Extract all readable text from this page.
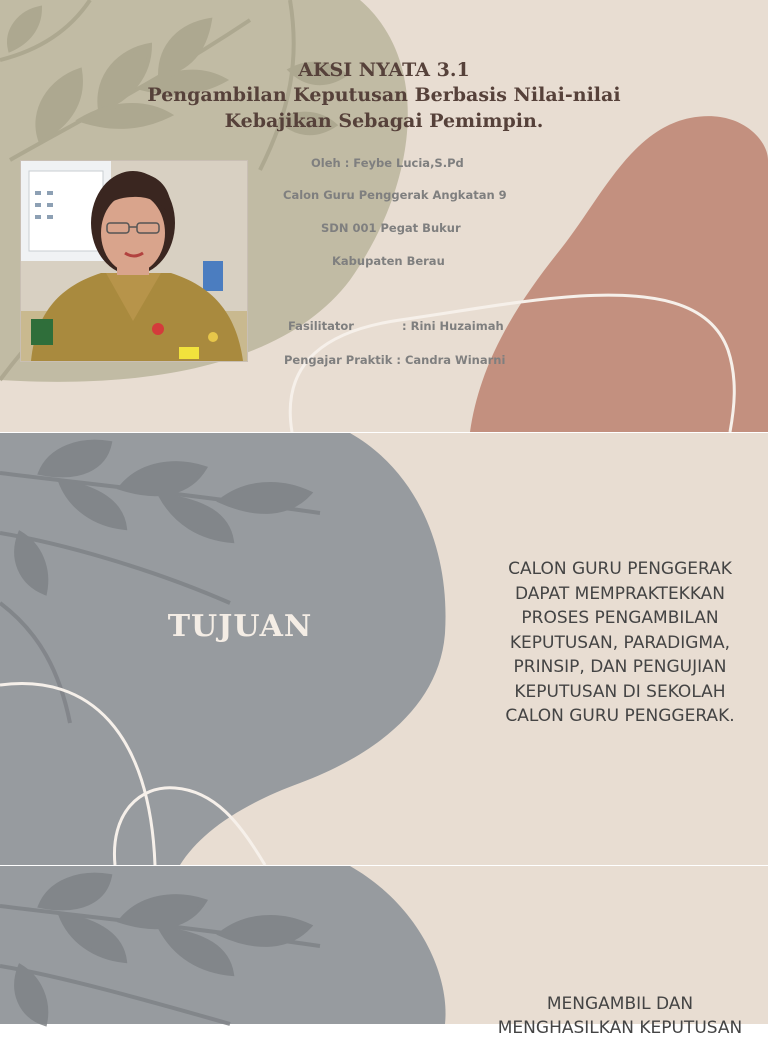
AKSI NYATA 3.1
Pengambilan Keputusan Berbasis Nilai-nilai
Kebajikan Sebagai Pemimpin.
Oleh : Feybe Lucia,S.Pd
Calon Guru Penggerak Angkatan 9
SDN 001 Pegat Bukur
Kabupaten Berau
Fasilitator            : Rini Huzaimah
Pengajar Praktik : Candra Winarni
TUJUAN
CALON GURU PENGGERAK DAPAT MEMPRAKTEKKAN PROSES PENGAMBILAN KEPUTUSAN, PARADIGMA, PRINSIP, DAN PENGUJIAN KEPUTUSAN DI SEKOLAH CALON GURU PENGGERAK.
MENGAMBIL DAN MENGHASILKAN KEPUTUSAN
